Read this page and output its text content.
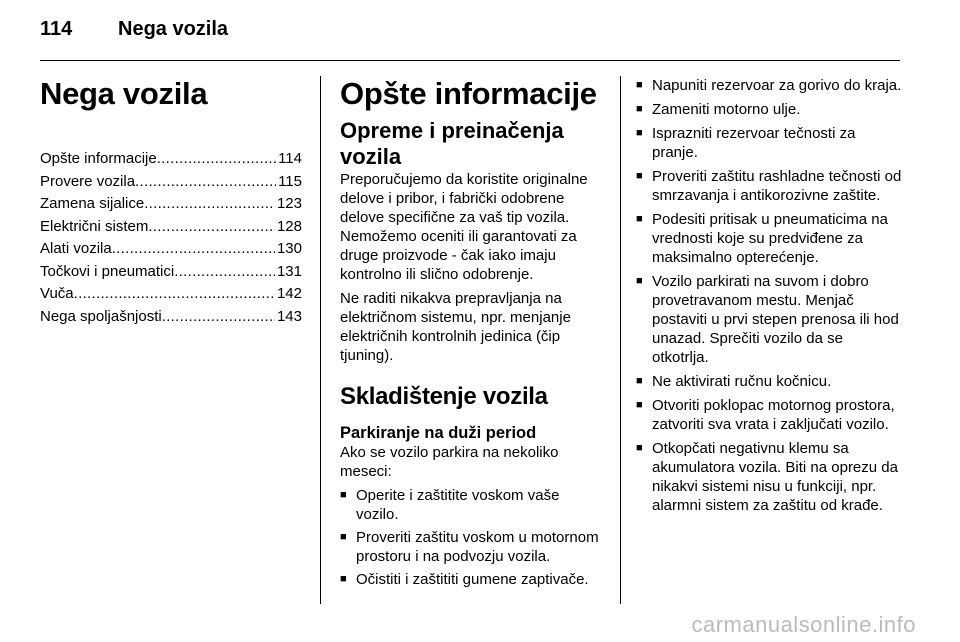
114 Nega vozila
Nega vozila
Opšte informacije .....	114
Provere vozila .....	115
Zamena sijalice .....	123
Električni sistem .....	128
Alati vozila .....	130
Točkovi i pneumatici .....	131
Vuča .....	142
Nega spoljašnjosti .....	143
Opšte informacije
Opreme i preinačenja vozila

Preporučujemo da koristite originalne delove i pribor, i fabrički odobrene delove specifične za vaš tip vozila. Nemožemo oceniti ili garantovati za druge proizvode - čak iako imaju kontrolno ili slično odobrenje.

Ne raditi nikakva prepravljanja na električnom sistemu, npr. menjanje električnih kontrolnih jedinica (čip tjuning).

Skladištenje vozila
Parkiranje na duži period

Ako se vozilo parkira na nekoliko meseci:

■ Operite i zaštitite voskom vaše vozilo.
■ Proveriti zaštitu voskom u motornom prostoru i na podvozju vozila.
■ Očistiti i zaštititi gumene zaptivače.
■ Napuniti rezervoar za gorivo do kraja.
■ Zameniti motorno ulje.
■ Isprazniti rezervoar tečnosti za pranje.
■ Proveriti zaštitu rashladne tečnosti od smrzavanja i antikorozivne zaštite.
■ Podesiti pritisak u pneumaticima na vrednosti koje su predviđene za maksimalno opterećenje.
■ Vozilo parkirati na suvom i dobro provetravanom mestu. Menjač postaviti u prvi stepen prenosa ili hod unazad. Sprečiti vozilo da se otkotrlja.
■ Ne aktivirati ručnu kočnicu.
■ Otvoriti poklopac motornog prostora, zatvoriti sva vrata i zaključati vozilo.
■ Otkopčati negativnu klemu sa akumulatora vozila. Biti na oprezu da nikakvi sistemi nisu u funkciji, npr. alarmni sistem za zaštitu od krađe.
carmanualsonline.info
